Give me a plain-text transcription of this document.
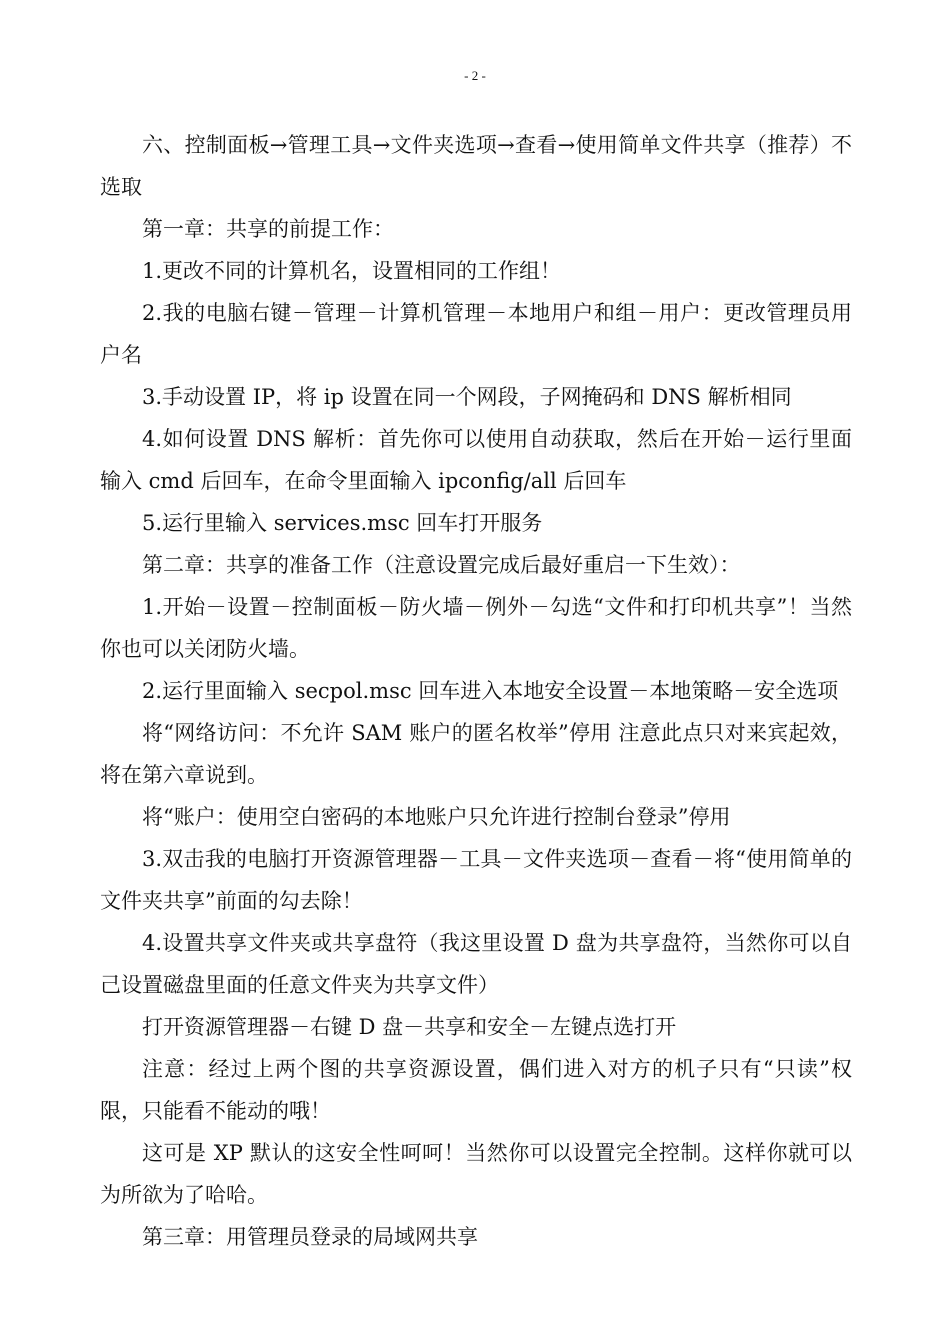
- 2 -

六、控制面板→管理工具→文件夹选项→查看→使用简单文件共享（推荐）不选取

第一章：共享的前提工作：

1.更改不同的计算机名，设置相同的工作组！

2.我的电脑右键－管理－计算机管理－本地用户和组－用户：更改管理员用户名

3.手动设置 IP，将 ip 设置在同一个网段，子网掩码和 DNS 解析相同

4.如何设置 DNS 解析：首先你可以使用自动获取，然后在开始－运行里面输入 cmd 后回车，在命令里面输入 ipconfig/all 后回车

5.运行里输入 services.msc 回车打开服务

第二章：共享的准备工作（注意设置完成后最好重启一下生效）：

1.开始－设置－控制面板－防火墙－例外－勾选“文件和打印机共享”！当然你也可以关闭防火墙。

2.运行里面输入 secpol.msc 回车进入本地安全设置－本地策略－安全选项

将“网络访问：不允许 SAM 账户的匿名枚举”停用 注意此点只对来宾起效，将在第六章说到。

将“账户：使用空白密码的本地账户只允许进行控制台登录”停用

3.双击我的电脑打开资源管理器－工具－文件夹选项－查看－将“使用简单的文件夹共享”前面的勾去除！

4.设置共享文件夹或共享盘符（我这里设置 D 盘为共享盘符，当然你可以自己设置磁盘里面的任意文件夹为共享文件）

打开资源管理器－右键 D 盘－共享和安全－左键点选打开

注意：经过上两个图的共享资源设置，偶们进入对方的机子只有“只读”权限，只能看不能动的哦！

这可是 XP 默认的这安全性呵呵！当然你可以设置完全控制。这样你就可以为所欲为了哈哈。

第三章：用管理员登录的局域网共享
